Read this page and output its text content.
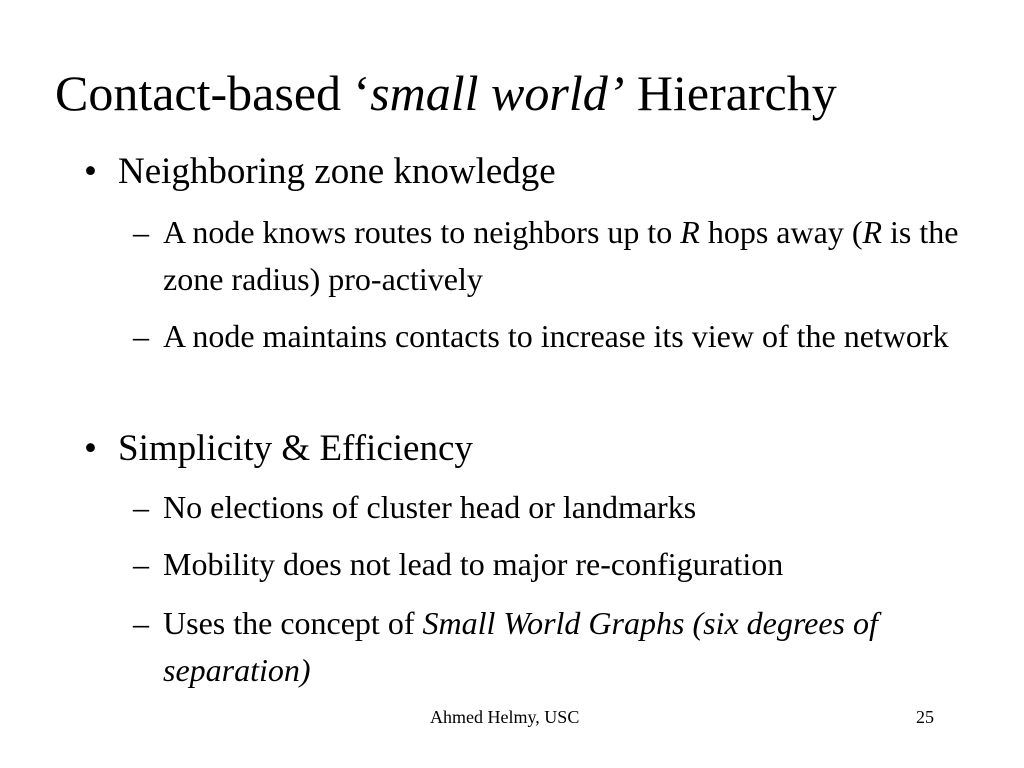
Contact-based ‘small world’ Hierarchy
• Neighboring zone knowledge
– A node knows routes to neighbors up to R hops away (R is the zone radius) pro-actively
– A node maintains contacts to increase its view of the network
• Simplicity & Efficiency
– No elections of cluster head or landmarks
– Mobility does not lead to major re-configuration
– Uses the concept of Small World Graphs (six degrees of separation)
Ahmed Helmy, USC	25
